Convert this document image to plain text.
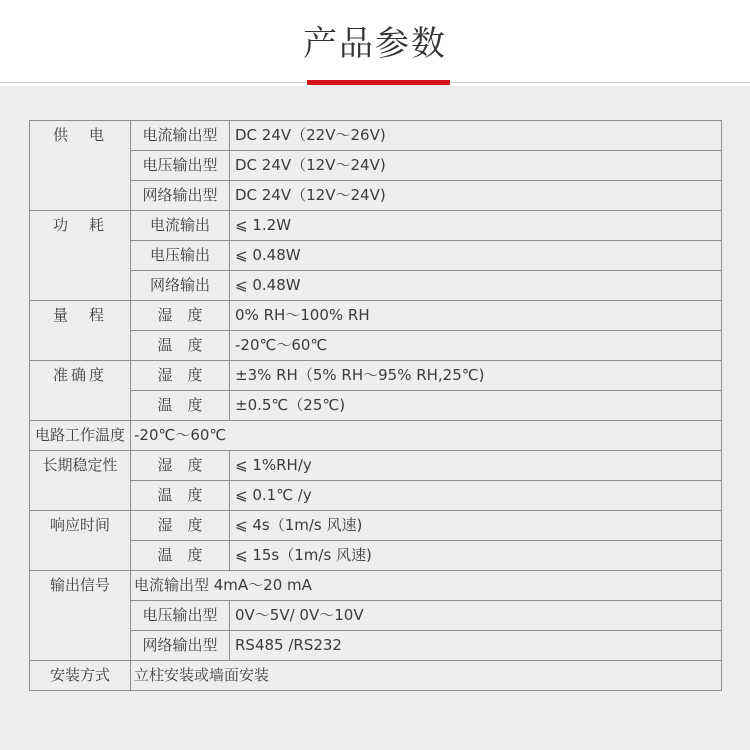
产品参数
供　电	电流输出型	DC 24V（22V～26V)
	电压输出型	DC 24V（12V～24V)
	网络输出型	DC 24V（12V～24V)
功　耗	电流输出	⩽ 1.2W
	电压输出	⩽ 0.48W
	网络输出	⩽ 0.48W
量　程	湿　度	0% RH～100% RH
	温　度	-20℃～60℃
准确度	湿　度	±3% RH（5% RH～95% RH,25℃)
	温　度	±0.5℃（25℃)
电路工作温度	-20℃～60℃	
长期稳定性	湿　度	⩽ 1%RH/y
	温　度	⩽ 0.1℃ /y
响应时间	湿　度	⩽ 4s（1m/s 风速)
	温　度	⩽ 15s（1m/s 风速)
输出信号	电流输出型 4mA～20 mA	
	电压输出型	0V～5V/ 0V～10V
	网络输出型	RS485 /RS232
安装方式	立柱安装或墙面安装	
